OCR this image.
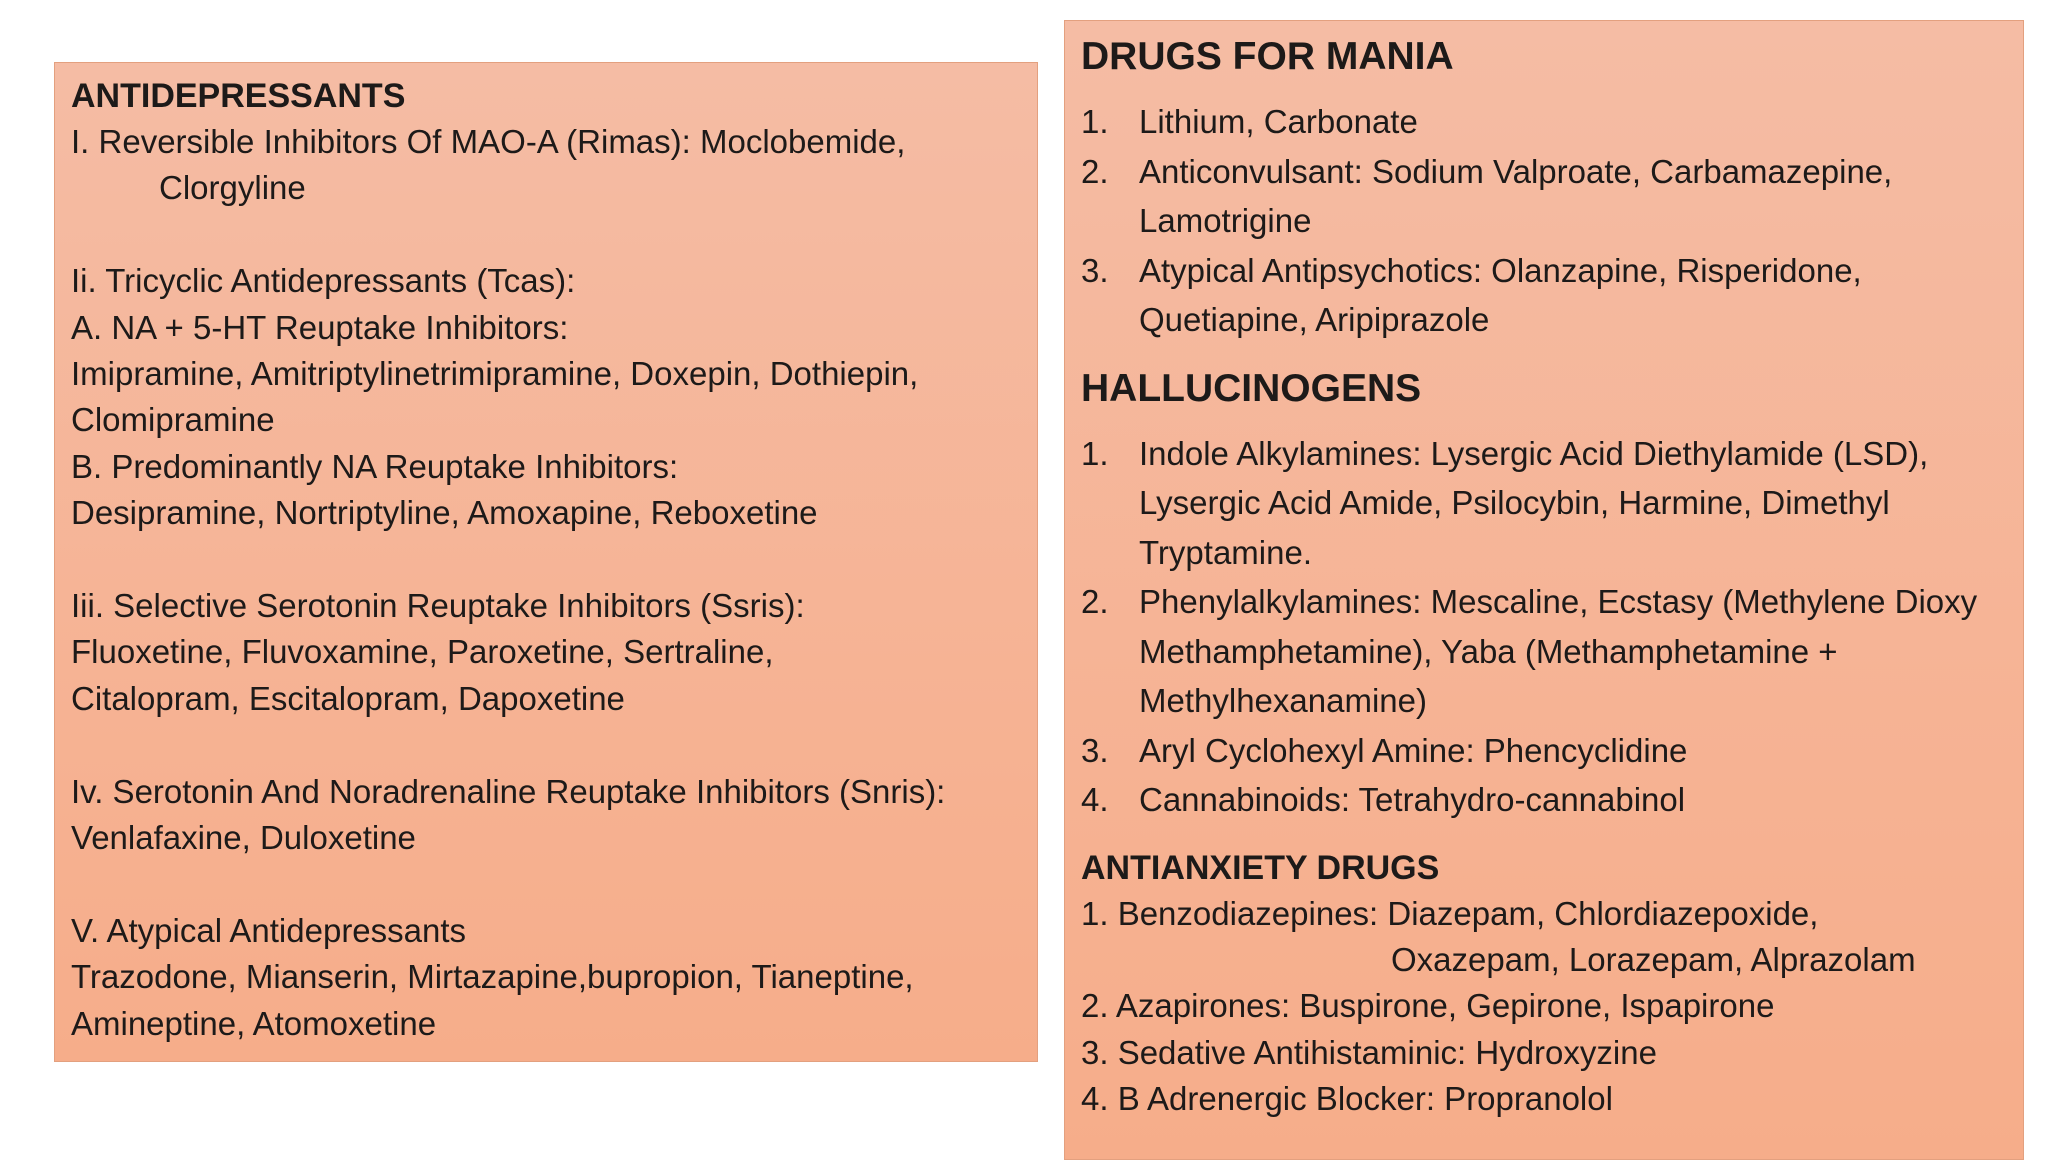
ANTIDEPRESSANTS
I. Reversible Inhibitors Of MAO-A (Rimas): Moclobemide,
Clorgyline
Ii. Tricyclic Antidepressants (Tcas):
A. NA + 5-HT Reuptake Inhibitors:
Imipramine, Amitriptylinetrimipramine, Doxepin, Dothiepin,
Clomipramine
B. Predominantly NA Reuptake Inhibitors:
Desipramine, Nortriptyline, Amoxapine, Reboxetine
Iii. Selective Serotonin Reuptake Inhibitors (Ssris):
Fluoxetine, Fluvoxamine, Paroxetine, Sertraline,
Citalopram, Escitalopram, Dapoxetine
Iv. Serotonin And Noradrenaline Reuptake Inhibitors (Snris):
Venlafaxine, Duloxetine
V. Atypical Antidepressants
Trazodone, Mianserin, Mirtazapine,bupropion, Tianeptine,
Amineptine, Atomoxetine
DRUGS FOR MANIA
1. Lithium, Carbonate
2. Anticonvulsant: Sodium Valproate, Carbamazepine, Lamotrigine
3. Atypical Antipsychotics: Olanzapine, Risperidone, Quetiapine, Aripiprazole
HALLUCINOGENS
1. Indole Alkylamines: Lysergic Acid Diethylamide (LSD), Lysergic Acid Amide, Psilocybin, Harmine, Dimethyl Tryptamine.
2. Phenylalkylamines: Mescaline, Ecstasy (Methylene Dioxy Methamphetamine), Yaba (Methamphetamine + Methylhexanamine)
3. Aryl Cyclohexyl Amine: Phencyclidine
4. Cannabinoids: Tetrahydro-cannabinol
ANTIANXIETY DRUGS
1. Benzodiazepines: Diazepam, Chlordiazepoxide,
Oxazepam, Lorazepam, Alprazolam
2. Azapirones: Buspirone, Gepirone, Ispapirone
3. Sedative Antihistaminic: Hydroxyzine
4. B Adrenergic Blocker: Propranolol
